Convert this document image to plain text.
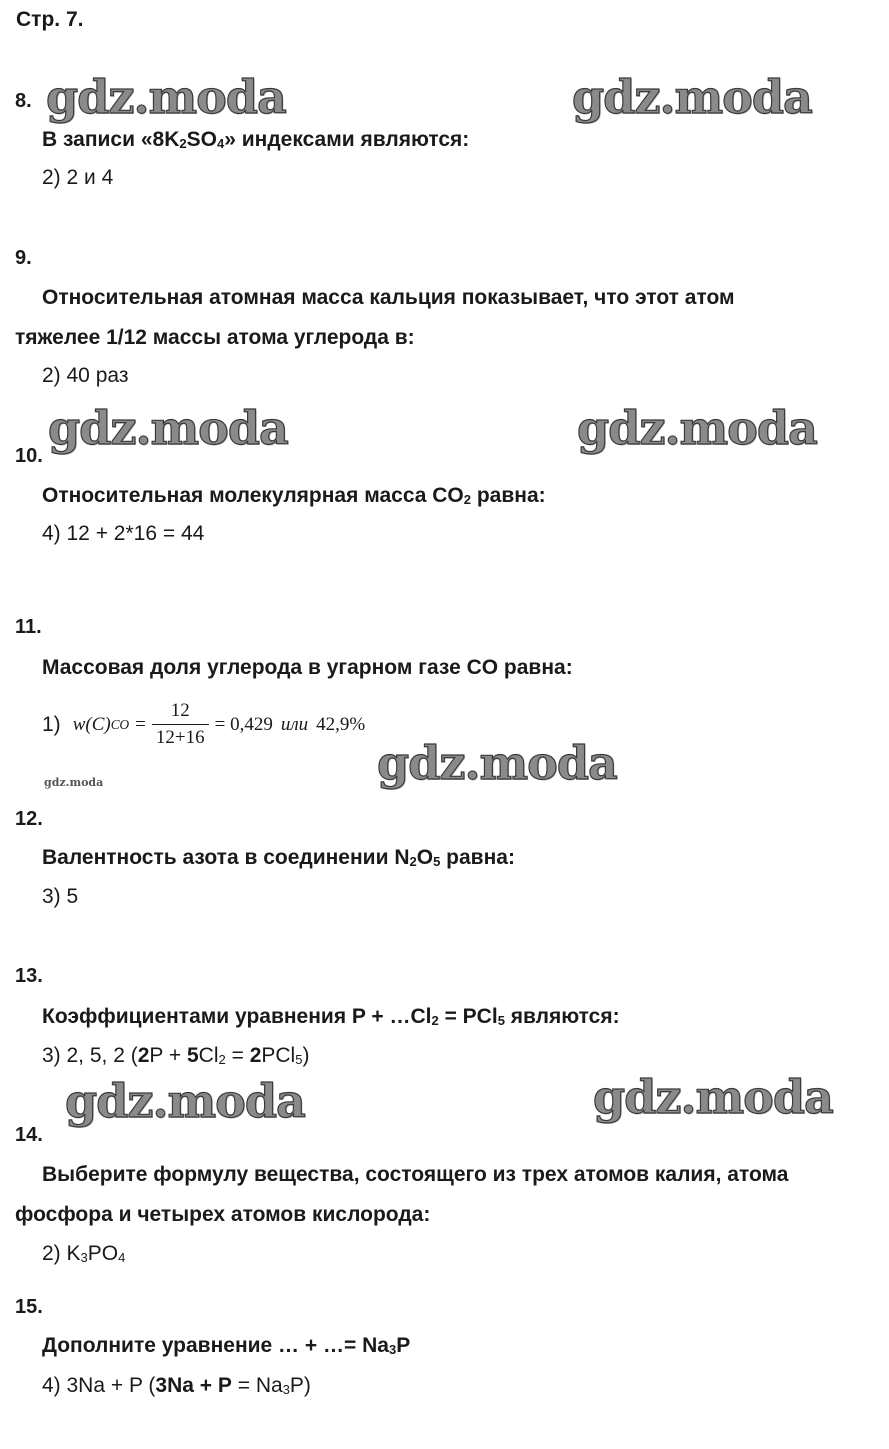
Стр. 7.
gdz.moda	gdz.moda
gdz.moda	gdz.moda
gdz.moda
gdz.moda
gdz.moda	gdz.moda
8.
В записи «$8K_2SO_4$» индексами являются:
2) 2 и 4
9.
Относительная атомная масса кальция показывает, что этот атом
тяжелее 1/12 массы атома углерода в:
2) 40 раз
10.
Относительная молекулярная масса $CO_2$ равна:
4) 12 + 2*16 = 44
11.
Массовая доля углерода в угарном газе CO равна:
1) w(C) CO = $\frac{12}{12+16} = 0,429$ или 42,9%
12.
Валентность азота в соединении $N_2O_5$ равна:
3) 5
13.
Коэффициентами уравнения $P + \dots Cl_2 = PCl_5$ являются:
3) 2, 5, 2 $(2P + 5Cl_2 = 2PCl_5)$
14.
Выберите формулу вещества, состоящего из трех атомов калия, атома
фосфора и четырех атомов кислорода:
2) $K_3PO_4$
15.
Дополните уравнение … + …= $Na_3P$
4) 3Na + P $(3Na + P = Na_3P)$
